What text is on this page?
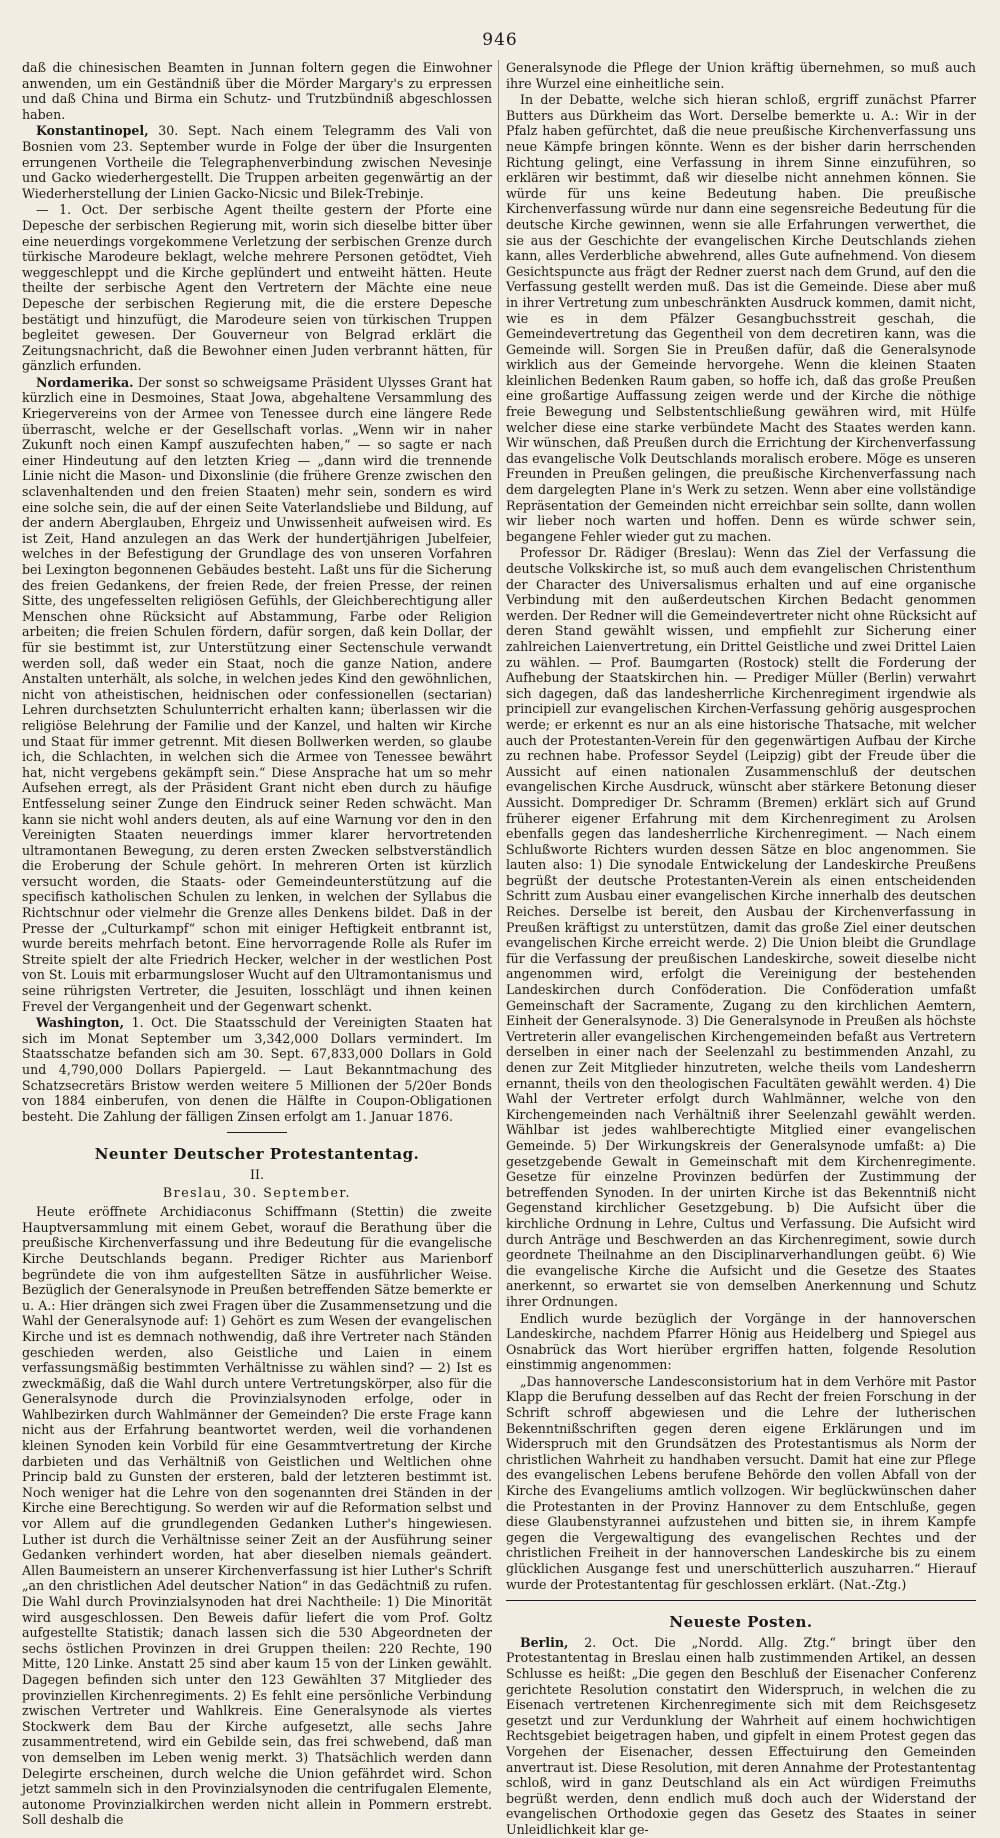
946

daß die chinesischen Beamten in Junnan foltern gegen die Einwohner anwenden, um ein Geständniß über die Mörder Margary's zu erpressen und daß China und Birma ein Schutz- und Trutzbündniß abgeschlossen haben.

Konstantinopel, 30. Sept. Nach einem Telegramm des Vali von Bosnien vom 23. September wurde in Folge der über die Insurgenten errungenen Vortheile die Telegraphenverbindung zwischen Nevesinje und Gacko wiederhergestellt. Die Truppen arbeiten gegenwärtig an der Wiederherstellung der Linien Gacko-Nicsic und Bilek-Trebinje.

— 1. Oct. Der serbische Agent theilte gestern der Pforte eine Depesche der serbischen Regierung mit, worin sich dieselbe bitter über eine neuerdings vorgekommene Verletzung der serbischen Grenze durch türkische Marodeure beklagt, welche mehrere Personen getödtet, Vieh weggeschleppt und die Kirche geplündert und entweiht hätten. Heute theilte der serbische Agent den Vertretern der Mächte eine neue Depesche der serbischen Regierung mit, die die erstere Depesche bestätigt und hinzufügt, die Marodeure seien von türkischen Truppen begleitet gewesen. Der Gouverneur von Belgrad erklärt die Zeitungsnachricht, daß die Bewohner einen Juden verbrannt hätten, für gänzlich erfunden.

Nordamerika. Der sonst so schweigsame Präsident Ulysses Grant hat kürzlich eine in Desmoines, Staat Jowa, abgehaltene Versammlung des Kriegervereins von der Armee von Tenessee durch eine längere Rede überrascht, welche er der Gesellschaft vorlas. „Wenn wir in naher Zukunft noch einen Kampf auszufechten haben,“ — so sagte er nach einer Hindeutung auf den letzten Krieg — „dann wird die trennende Linie nicht die Mason- und Dixonslinie (die frühere Grenze zwischen den sclavenhaltenden und den freien Staaten) mehr sein, sondern es wird eine solche sein, die auf der einen Seite Vaterlandsliebe und Bildung, auf der andern Aberglauben, Ehrgeiz und Unwissenheit aufweisen wird. Es ist Zeit, Hand anzulegen an das Werk der hundertjährigen Jubelfeier, welches in der Befestigung der Grundlage des von unseren Vorfahren bei Lexington begonnenen Gebäudes besteht. Laßt uns für die Sicherung des freien Gedankens, der freien Rede, der freien Presse, der reinen Sitte, des ungefesselten religiösen Gefühls, der Gleichberechtigung aller Menschen ohne Rücksicht auf Abstammung, Farbe oder Religion arbeiten; die freien Schulen fördern, dafür sorgen, daß kein Dollar, der für sie bestimmt ist, zur Unterstützung einer Sectenschule verwandt werden soll, daß weder ein Staat, noch die ganze Nation, andere Anstalten unterhält, als solche, in welchen jedes Kind den gewöhnlichen, nicht von atheistischen, heidnischen oder confessionellen (sectarian) Lehren durchsetzten Schulunterricht erhalten kann; überlassen wir die religiöse Belehrung der Familie und der Kanzel, und halten wir Kirche und Staat für immer getrennt. Mit diesen Bollwerken werden, so glaube ich, die Schlachten, in welchen sich die Armee von Tenessee bewährt hat, nicht vergebens gekämpft sein.“ Diese Ansprache hat um so mehr Aufsehen erregt, als der Präsident Grant nicht eben durch zu häufige Entfesselung seiner Zunge den Eindruck seiner Reden schwächt. Man kann sie nicht wohl anders deuten, als auf eine Warnung vor den in den Vereinigten Staaten neuerdings immer klarer hervortretenden ultramontanen Bewegung, zu deren ersten Zwecken selbstverständlich die Eroberung der Schule gehört. In mehreren Orten ist kürzlich versucht worden, die Staats- oder Gemeindeunterstützung auf die specifisch katholischen Schulen zu lenken, in welchen der Syllabus die Richtschnur oder vielmehr die Grenze alles Denkens bildet. Daß in der Presse der „Culturkampf“ schon mit einiger Heftigkeit entbrannt ist, wurde bereits mehrfach betont. Eine hervorragende Rolle als Rufer im Streite spielt der alte Friedrich Hecker, welcher in der westlichen Post von St. Louis mit erbarmungsloser Wucht auf den Ultramontanismus und seine rührigsten Vertreter, die Jesuiten, losschlägt und ihnen keinen Frevel der Vergangenheit und der Gegenwart schenkt.

Washington, 1. Oct. Die Staatsschuld der Vereinigten Staaten hat sich im Monat September um 3,342,000 Dollars vermindert. Im Staatsschatze befanden sich am 30. Sept. 67,833,000 Dollars in Gold und 4,790,000 Dollars Papiergeld. — Laut Bekanntmachung des Schatzsecretärs Bristow werden weitere 5 Millionen der 5/20er Bonds von 1884 einberufen, von denen die Hälfte in Coupon-Obligationen besteht. Die Zahlung der fälligen Zinsen erfolgt am 1. Januar 1876.

Neunter Deutscher Protestantentag.
II.
Breslau, 30. September.

Heute eröffnete Archidiaconus Schiffmann (Stettin) die zweite Hauptversammlung mit einem Gebet, worauf die Berathung über die preußische Kirchenverfassung und ihre Bedeutung für die evangelische Kirche Deutschlands begann. Prediger Richter aus Marienborf begründete die von ihm aufgestellten Sätze in ausführlicher Weise. Bezüglich der Generalsynode in Preußen betreffenden Sätze bemerkte er u. A.: Hier drängen sich zwei Fragen über die Zusammensetzung und die Wahl der Generalsynode auf: 1) Gehört es zum Wesen der evangelischen Kirche und ist es demnach nothwendig, daß ihre Vertreter nach Ständen geschieden werden, also Geistliche und Laien in einem verfassungsmäßig bestimmten Verhältnisse zu wählen sind? — 2) Ist es zweckmäßig, daß die Wahl durch untere Vertretungskörper, also für die Generalsynode durch die Provinzialsynoden erfolge, oder in Wahlbezirken durch Wahlmänner der Gemeinden? Die erste Frage kann nicht aus der Erfahrung beantwortet werden, weil die vorhandenen kleinen Synoden kein Vorbild für eine Gesammtvertretung der Kirche darbieten und das Verhältniß von Geistlichen und Weltlichen ohne Princip bald zu Gunsten der ersteren, bald der letzteren bestimmt ist. Noch weniger hat die Lehre von den sogenannten drei Ständen in der Kirche eine Berechtigung. So werden wir auf die Reformation selbst und vor Allem auf die grundlegenden Gedanken Luther's hingewiesen. Luther ist durch die Verhältnisse seiner Zeit an der Ausführung seiner Gedanken verhindert worden, hat aber dieselben niemals geändert. Allen Baumeistern an unserer Kirchenverfassung ist hier Luther's Schrift „an den christlichen Adel deutscher Nation“ in das Gedächtniß zu rufen. Die Wahl durch Provinzialsynoden hat drei Nachtheile: 1) Die Minorität wird ausgeschlossen. Den Beweis dafür liefert die vom Prof. Goltz aufgestellte Statistik; danach lassen sich die 530 Abgeordneten der sechs östlichen Provinzen in drei Gruppen theilen: 220 Rechte, 190 Mitte, 120 Linke. Anstatt 25 sind aber kaum 15 von der Linken gewählt. Dagegen befinden sich unter den 123 Gewählten 37 Mitglieder des provinziellen Kirchenregiments. 2) Es fehlt eine persönliche Verbindung zwischen Vertreter und Wahlkreis. Eine Generalsynode als viertes Stockwerk dem Bau der Kirche aufgesetzt, alle sechs Jahre zusammentretend, wird ein Gebilde sein, das frei schwebend, daß man von demselben im Leben wenig merkt. 3) Thatsächlich werden dann Delegirte erscheinen, durch welche die Union gefährdet wird. Schon jetzt sammeln sich in den Provinzialsynoden die centrifugalen Elemente, autonome Provinzialkirchen werden nicht allein in Pommern erstrebt. Soll deshalb die

Generalsynode die Pflege der Union kräftig übernehmen, so muß auch ihre Wurzel eine einheitliche sein.

In der Debatte, welche sich hieran schloß, ergriff zunächst Pfarrer Butters aus Dürkheim das Wort. Derselbe bemerkte u. A.: Wir in der Pfalz haben gefürchtet, daß die neue preußische Kirchenverfassung uns neue Kämpfe bringen könnte. Wenn es der bisher darin herrschenden Richtung gelingt, eine Verfassung in ihrem Sinne einzuführen, so erklären wir bestimmt, daß wir dieselbe nicht annehmen können. Sie würde für uns keine Bedeutung haben. Die preußische Kirchenverfassung würde nur dann eine segensreiche Bedeutung für die deutsche Kirche gewinnen, wenn sie alle Erfahrungen verwerthet, die sie aus der Geschichte der evangelischen Kirche Deutschlands ziehen kann, alles Verderbliche abwehrend, alles Gute aufnehmend. Von diesem Gesichtspuncte aus frägt der Redner zuerst nach dem Grund, auf den die Verfassung gestellt werden muß. Das ist die Gemeinde. Diese aber muß in ihrer Vertretung zum unbeschränkten Ausdruck kommen, damit nicht, wie es in dem Pfälzer Gesangbuchsstreit geschah, die Gemeindevertretung das Gegentheil von dem decretiren kann, was die Gemeinde will. Sorgen Sie in Preußen dafür, daß die Generalsynode wirklich aus der Gemeinde hervorgehe. Wenn die kleinen Staaten kleinlichen Bedenken Raum gaben, so hoffe ich, daß das große Preußen eine großartige Auffassung zeigen werde und der Kirche die nöthige freie Bewegung und Selbstentschließung gewähren wird, mit Hülfe welcher diese eine starke verbündete Macht des Staates werden kann. Wir wünschen, daß Preußen durch die Errichtung der Kirchenverfassung das evangelische Volk Deutschlands moralisch erobere. Möge es unseren Freunden in Preußen gelingen, die preußische Kirchenverfassung nach dem dargelegten Plane in's Werk zu setzen. Wenn aber eine vollständige Repräsentation der Gemeinden nicht erreichbar sein sollte, dann wollen wir lieber noch warten und hoffen. Denn es würde schwer sein, begangene Fehler wieder gut zu machen.

Professor Dr. Rädiger (Breslau): Wenn das Ziel der Verfassung die deutsche Volkskirche ist, so muß auch dem evangelischen Christenthum der Character des Universalismus erhalten und auf eine organische Verbindung mit den außerdeutschen Kirchen Bedacht genommen werden. Der Redner will die Gemeindevertreter nicht ohne Rücksicht auf deren Stand gewählt wissen, und empfiehlt zur Sicherung einer zahlreichen Laienvertretung, ein Drittel Geistliche und zwei Drittel Laien zu wählen. — Prof. Baumgarten (Rostock) stellt die Forderung der Aufhebung der Staatskirchen hin. — Prediger Müller (Berlin) verwahrt sich dagegen, daß das landesherrliche Kirchenregiment irgendwie als principiell zur evangelischen Kirchen-Verfassung gehörig ausgesprochen werde; er erkennt es nur an als eine historische Thatsache, mit welcher auch der Protestanten-Verein für den gegenwärtigen Aufbau der Kirche zu rechnen habe. Professor Seydel (Leipzig) gibt der Freude über die Aussicht auf einen nationalen Zusammenschluß der deutschen evangelischen Kirche Ausdruck, wünscht aber stärkere Betonung dieser Aussicht. Domprediger Dr. Schramm (Bremen) erklärt sich auf Grund früherer eigener Erfahrung mit dem Kirchenregiment zu Arolsen ebenfalls gegen das landesherrliche Kirchenregiment. — Nach einem Schlußworte Richters wurden dessen Sätze en bloc angenommen. Sie lauten also: 1) Die synodale Entwickelung der Landeskirche Preußens begrüßt der deutsche Protestanten-Verein als einen entscheidenden Schritt zum Ausbau einer evangelischen Kirche innerhalb des deutschen Reiches. Derselbe ist bereit, den Ausbau der Kirchenverfassung in Preußen kräftigst zu unterstützen, damit das große Ziel einer deutschen evangelischen Kirche erreicht werde. 2) Die Union bleibt die Grundlage für die Verfassung der preußischen Landeskirche, soweit dieselbe nicht angenommen wird, erfolgt die Vereinigung der bestehenden Landeskirchen durch Conföderation. Die Conföderation umfaßt Gemeinschaft der Sacramente, Zugang zu den kirchlichen Aemtern, Einheit der Generalsynode. 3) Die Generalsynode in Preußen als höchste Vertreterin aller evangelischen Kirchengemeinden befaßt aus Vertretern derselben in einer nach der Seelenzahl zu bestimmenden Anzahl, zu denen zur Zeit Mitglieder hinzutreten, welche theils vom Landesherrn ernannt, theils von den theologischen Facultäten gewählt werden. 4) Die Wahl der Vertreter erfolgt durch Wahlmänner, welche von den Kirchengemeinden nach Verhältniß ihrer Seelenzahl gewählt werden. Wählbar ist jedes wahlberechtigte Mitglied einer evangelischen Gemeinde. 5) Der Wirkungskreis der Generalsynode umfaßt: a) Die gesetzgebende Gewalt in Gemeinschaft mit dem Kirchenregimente. Gesetze für einzelne Provinzen bedürfen der Zustimmung der betreffenden Synoden. In der unirten Kirche ist das Bekenntniß nicht Gegenstand kirchlicher Gesetzgebung. b) Die Aufsicht über die kirchliche Ordnung in Lehre, Cultus und Verfassung. Die Aufsicht wird durch Anträge und Beschwerden an das Kirchenregiment, sowie durch geordnete Theilnahme an den Disciplinarverhandlungen geübt. 6) Wie die evangelische Kirche die Aufsicht und die Gesetze des Staates anerkennt, so erwartet sie von demselben Anerkennung und Schutz ihrer Ordnungen.

Endlich wurde bezüglich der Vorgänge in der hannoverschen Landeskirche, nachdem Pfarrer Hönig aus Heidelberg und Spiegel aus Osnabrück das Wort hierüber ergriffen hatten, folgende Resolution einstimmig angenommen:

„Das hannoversche Landesconsistorium hat in dem Verhöre mit Pastor Klapp die Berufung desselben auf das Recht der freien Forschung in der Schrift schroff abgewiesen und die Lehre der lutherischen Bekenntnißschriften gegen deren eigene Erklärungen und im Widerspruch mit den Grundsätzen des Protestantismus als Norm der christlichen Wahrheit zu handhaben versucht. Damit hat eine zur Pflege des evangelischen Lebens berufene Behörde den vollen Abfall von der Kirche des Evangeliums amtlich vollzogen. Wir beglückwünschen daher die Protestanten in der Provinz Hannover zu dem Entschluße, gegen diese Glaubenstyrannei aufzustehen und bitten sie, in ihrem Kampfe gegen die Vergewaltigung des evangelischen Rechtes und der christlichen Freiheit in der hannoverschen Landeskirche bis zu einem glücklichen Ausgange fest und unerschütterlich auszuharren.“ Hierauf wurde der Protestantentag für geschlossen erklärt. (Nat.-Ztg.)

Neueste Posten.

Berlin, 2. Oct. Die „Nordd. Allg. Ztg.“ bringt über den Protestantentag in Breslau einen halb zustimmenden Artikel, an dessen Schlusse es heißt: „Die gegen den Beschluß der Eisenacher Conferenz gerichtete Resolution constatirt den Widerspruch, in welchen die zu Eisenach vertretenen Kirchenregimente sich mit dem Reichsgesetz gesetzt und zur Verdunklung der Wahrheit auf einem hochwichtigen Rechtsgebiet beigetragen haben, und gipfelt in einem Protest gegen das Vorgehen der Eisenacher, dessen Effectuirung den Gemeinden anvertraut ist. Diese Resolution, mit deren Annahme der Protestantentag schloß, wird in ganz Deutschland als ein Act würdigen Freimuths begrüßt werden, denn endlich muß doch auch der Widerstand der evangelischen Orthodoxie gegen das Gesetz des Staates in seiner Unleidlichkeit klar ge-
